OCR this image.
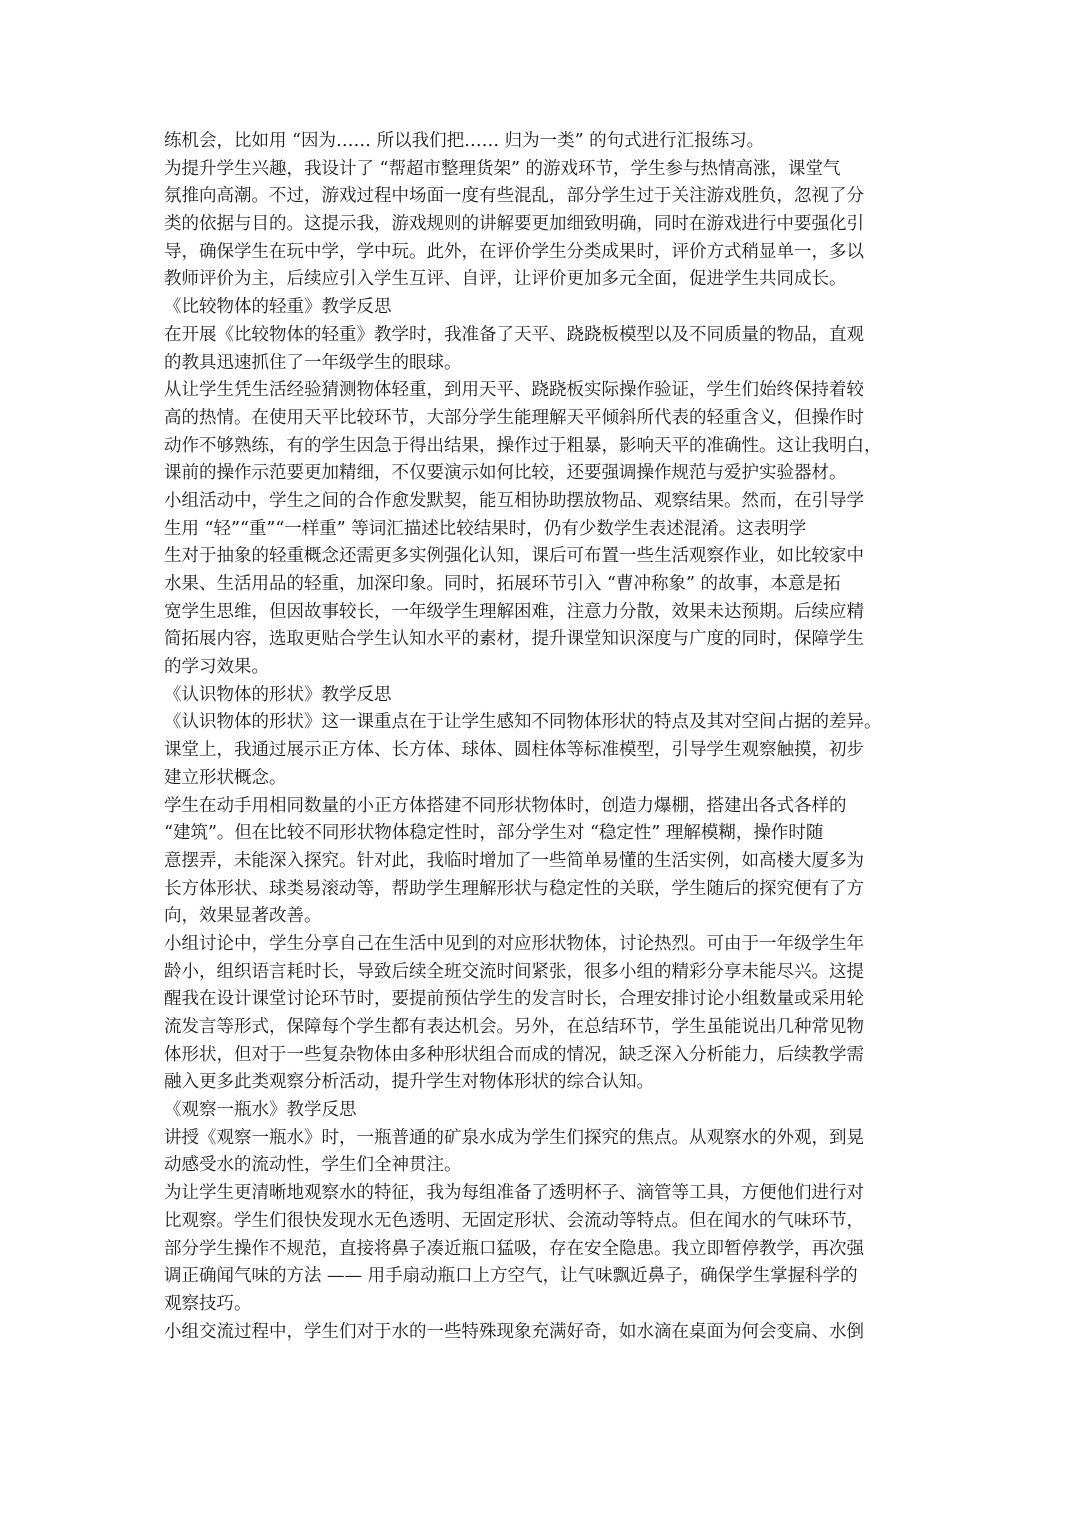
练机会，比如用 “因为…… 所以我们把…… 归为一类” 的句式进行汇报练习。
为提升学生兴趣，我设计了 “帮超市整理货架” 的游戏环节，学生参与热情高涨，课堂气
氛推向高潮。不过，游戏过程中场面一度有些混乱，部分学生过于关注游戏胜负，忽视了分
类的依据与目的。这提示我，游戏规则的讲解要更加细致明确，同时在游戏进行中要强化引
导，确保学生在玩中学，学中玩。此外，在评价学生分类成果时，评价方式稍显单一，多以
教师评价为主，后续应引入学生互评、自评，让评价更加多元全面，促进学生共同成长。
《比较物体的轻重》教学反思
在开展《比较物体的轻重》教学时，我准备了天平、跷跷板模型以及不同质量的物品，直观
的教具迅速抓住了一年级学生的眼球。
从让学生凭生活经验猜测物体轻重，到用天平、跷跷板实际操作验证，学生们始终保持着较
高的热情。在使用天平比较环节，大部分学生能理解天平倾斜所代表的轻重含义，但操作时
动作不够熟练，有的学生因急于得出结果，操作过于粗暴，影响天平的准确性。这让我明白，
课前的操作示范要更加精细，不仅要演示如何比较，还要强调操作规范与爱护实验器材。
小组活动中，学生之间的合作愈发默契，能互相协助摆放物品、观察结果。然而，在引导学
生用 “轻”“重”“一样重” 等词汇描述比较结果时，仍有少数学生表述混淆。这表明学
生对于抽象的轻重概念还需更多实例强化认知，课后可布置一些生活观察作业，如比较家中
水果、生活用品的轻重，加深印象。同时，拓展环节引入 “曹冲称象” 的故事，本意是拓
宽学生思维，但因故事较长，一年级学生理解困难，注意力分散，效果未达预期。后续应精
简拓展内容，选取更贴合学生认知水平的素材，提升课堂知识深度与广度的同时，保障学生
的学习效果。
《认识物体的形状》教学反思
《认识物体的形状》这一课重点在于让学生感知不同物体形状的特点及其对空间占据的差异。
课堂上，我通过展示正方体、长方体、球体、圆柱体等标准模型，引导学生观察触摸，初步
建立形状概念。
学生在动手用相同数量的小正方体搭建不同形状物体时，创造力爆棚，搭建出各式各样的
“建筑”。但在比较不同形状物体稳定性时，部分学生对 “稳定性” 理解模糊，操作时随
意摆弄，未能深入探究。针对此，我临时增加了一些简单易懂的生活实例，如高楼大厦多为
长方体形状、球类易滚动等，帮助学生理解形状与稳定性的关联，学生随后的探究便有了方
向，效果显著改善。
小组讨论中，学生分享自己在生活中见到的对应形状物体，讨论热烈。可由于一年级学生年
龄小，组织语言耗时长，导致后续全班交流时间紧张，很多小组的精彩分享未能尽兴。这提
醒我在设计课堂讨论环节时，要提前预估学生的发言时长，合理安排讨论小组数量或采用轮
流发言等形式，保障每个学生都有表达机会。另外，在总结环节，学生虽能说出几种常见物
体形状，但对于一些复杂物体由多种形状组合而成的情况，缺乏深入分析能力，后续教学需
融入更多此类观察分析活动，提升学生对物体形状的综合认知。
《观察一瓶水》教学反思
讲授《观察一瓶水》时，一瓶普通的矿泉水成为学生们探究的焦点。从观察水的外观，到晃
动感受水的流动性，学生们全神贯注。
为让学生更清晰地观察水的特征，我为每组准备了透明杯子、滴管等工具，方便他们进行对
比观察。学生们很快发现水无色透明、无固定形状、会流动等特点。但在闻水的气味环节，
部分学生操作不规范，直接将鼻子凑近瓶口猛吸，存在安全隐患。我立即暂停教学，再次强
调正确闻气味的方法 —— 用手扇动瓶口上方空气，让气味飘近鼻子，确保学生掌握科学的
观察技巧。
小组交流过程中，学生们对于水的一些特殊现象充满好奇，如水滴在桌面为何会变扁、水倒
